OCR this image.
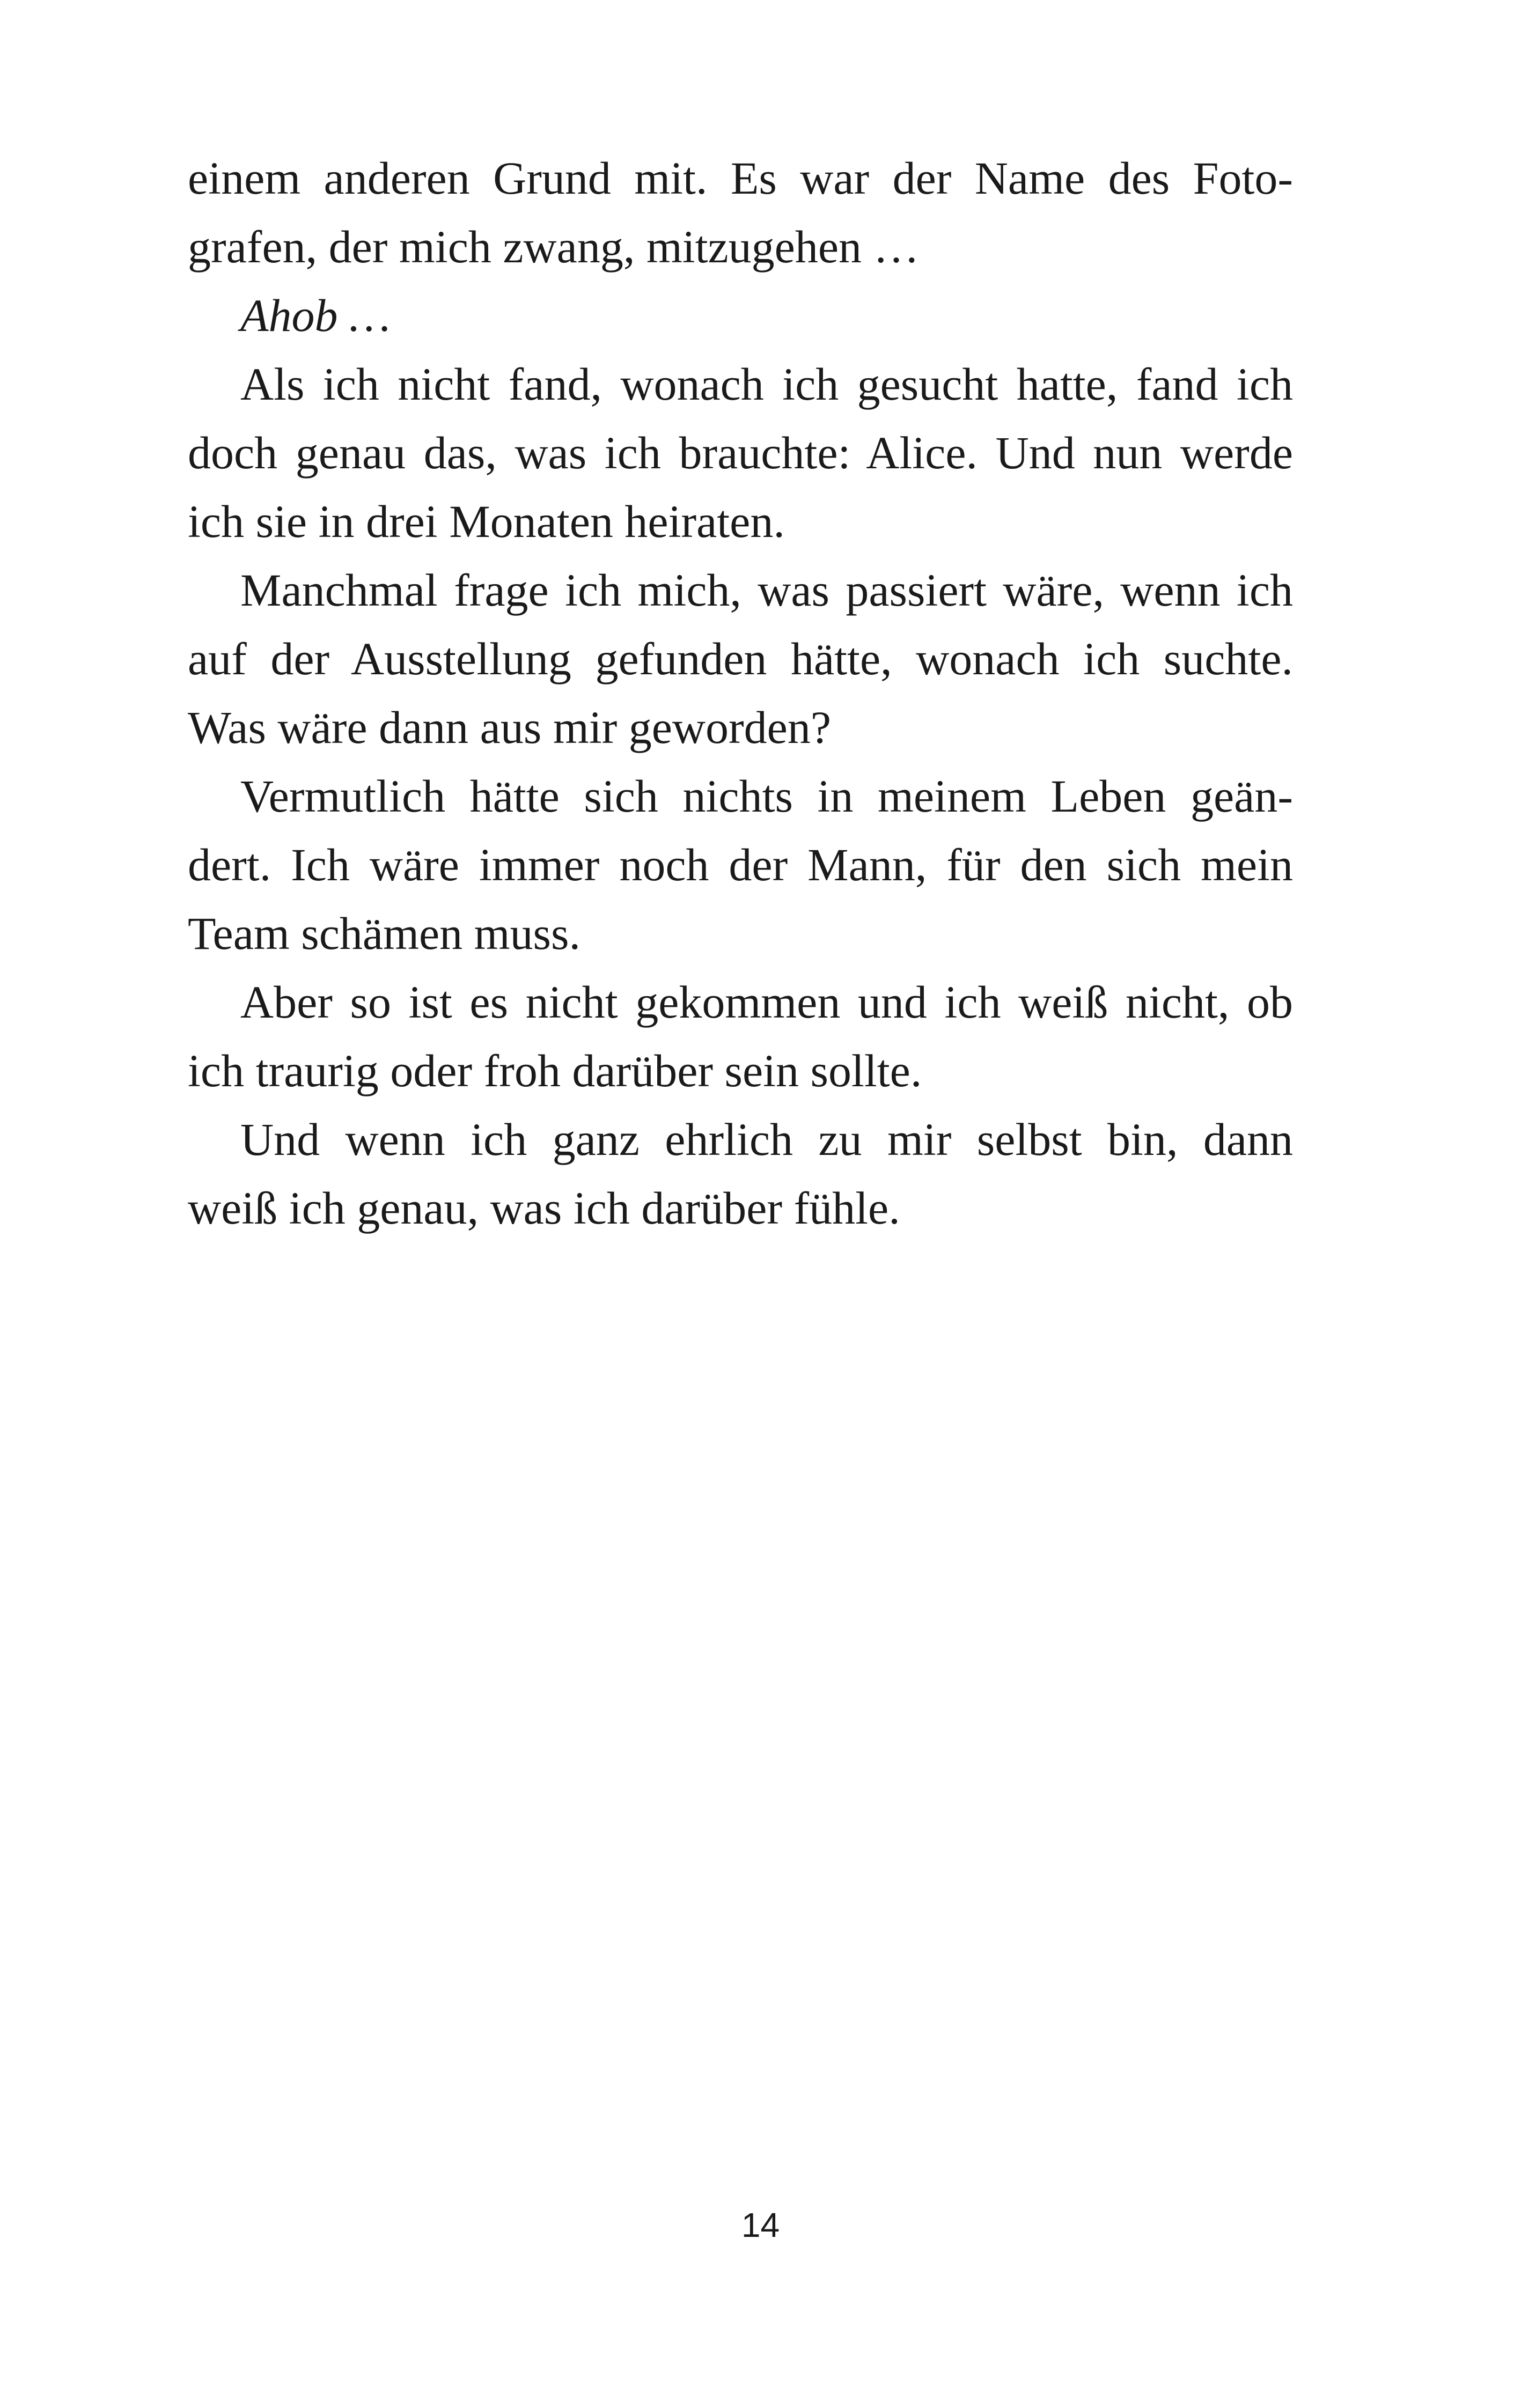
einem anderen Grund mit. Es war der Name des Foto-
grafen, der mich zwang, mitzugehen …
Ahob …
Als ich nicht fand, wonach ich gesucht hatte, fand ich
doch genau das, was ich brauchte: Alice. Und nun werde
ich sie in drei Monaten heiraten.
Manchmal frage ich mich, was passiert wäre, wenn ich
auf der Ausstellung gefunden hätte, wonach ich suchte.
Was wäre dann aus mir geworden?
Vermutlich hätte sich nichts in meinem Leben geän-
dert. Ich wäre immer noch der Mann, für den sich mein
Team schämen muss.
Aber so ist es nicht gekommen und ich weiß nicht, ob
ich traurig oder froh darüber sein sollte.
Und wenn ich ganz ehrlich zu mir selbst bin, dann
weiß ich genau, was ich darüber fühle.
14
